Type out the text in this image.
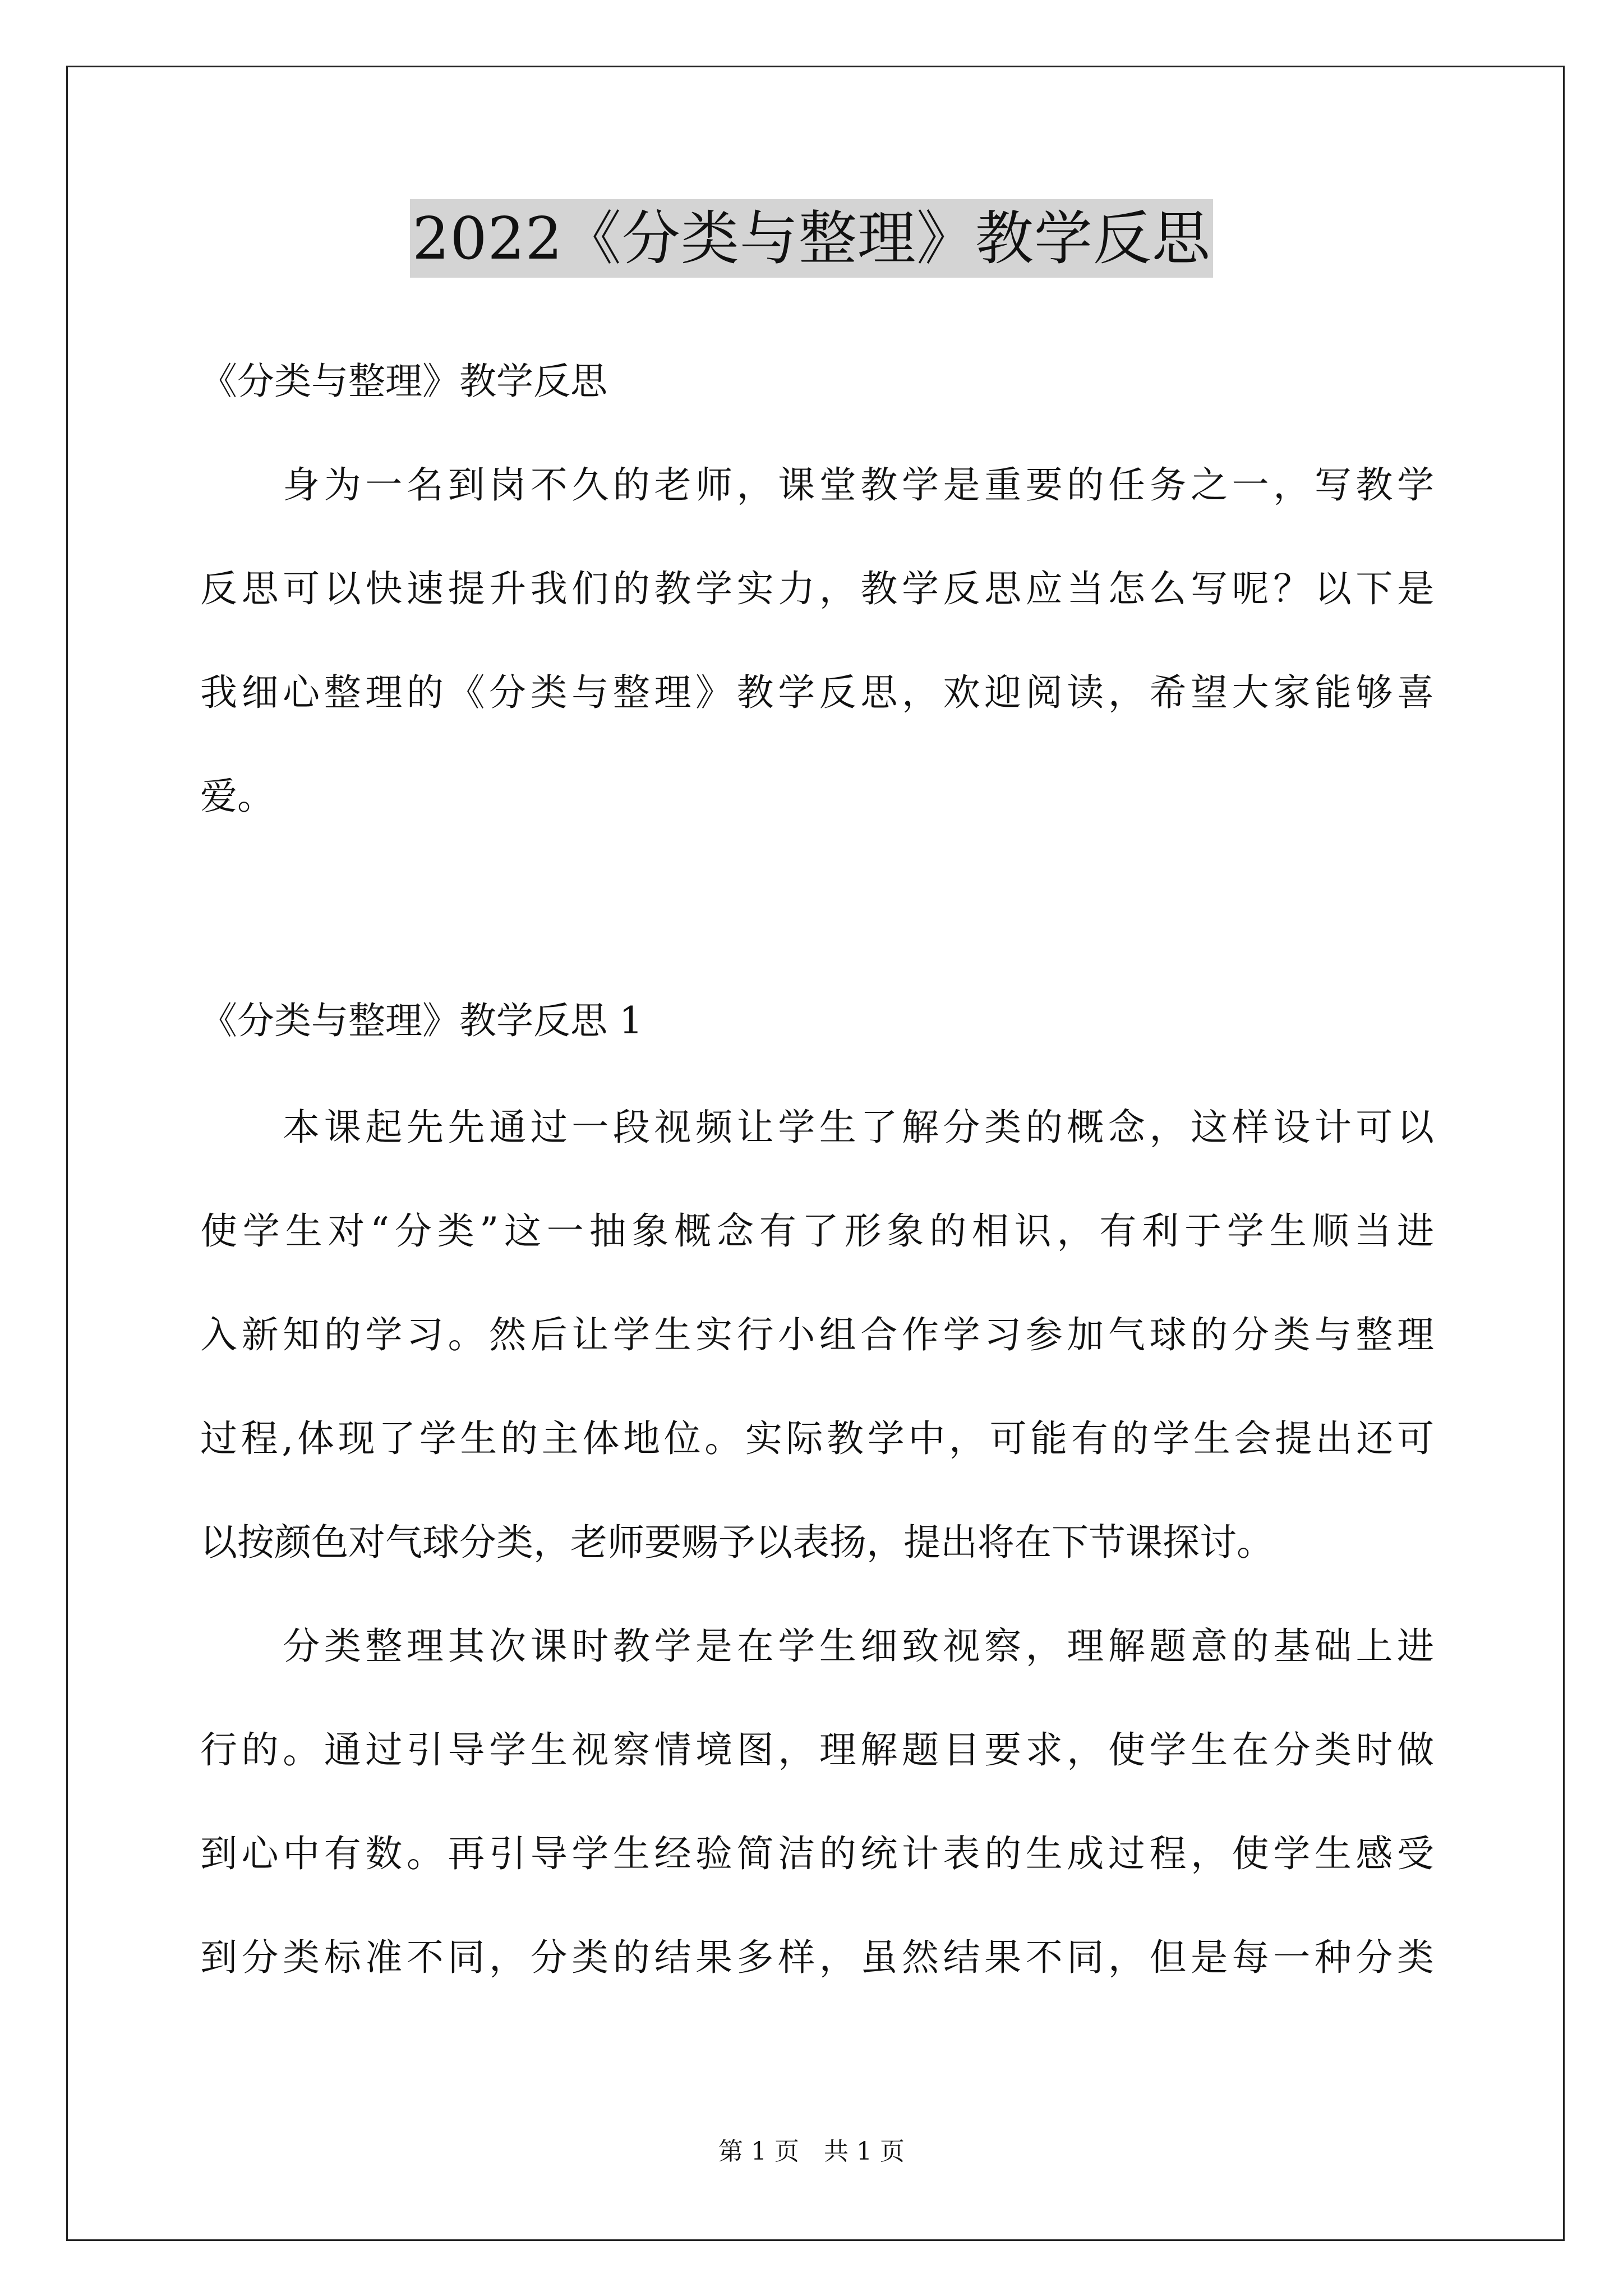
2022《分类与整理》教学反思

《分类与整理》教学反思

　　身为一名到岗不久的老师，课堂教学是重要的任务之一，写教学

反思可以快速提升我们的教学实力，教学反思应当怎么写呢？以下是

我细心整理的《分类与整理》教学反思，欢迎阅读，希望大家能够喜

爱。

《分类与整理》教学反思 1

　　本课起先先通过一段视频让学生了解分类的概念，这样设计可以

使学生对“分类”这一抽象概念有了形象的相识，有利于学生顺当进

入新知的学习。然后让学生实行小组合作学习参加气球的分类与整理

过程,体现了学生的主体地位。实际教学中，可能有的学生会提出还可

以按颜色对气球分类，老师要赐予以表扬，提出将在下节课探讨。

　　分类整理其次课时教学是在学生细致视察，理解题意的基础上进

行的。通过引导学生视察情境图，理解题目要求，使学生在分类时做

到心中有数。再引导学生经验简洁的统计表的生成过程，使学生感受

到分类标准不同，分类的结果多样，虽然结果不同，但是每一种分类

第 1 页　共 1 页
